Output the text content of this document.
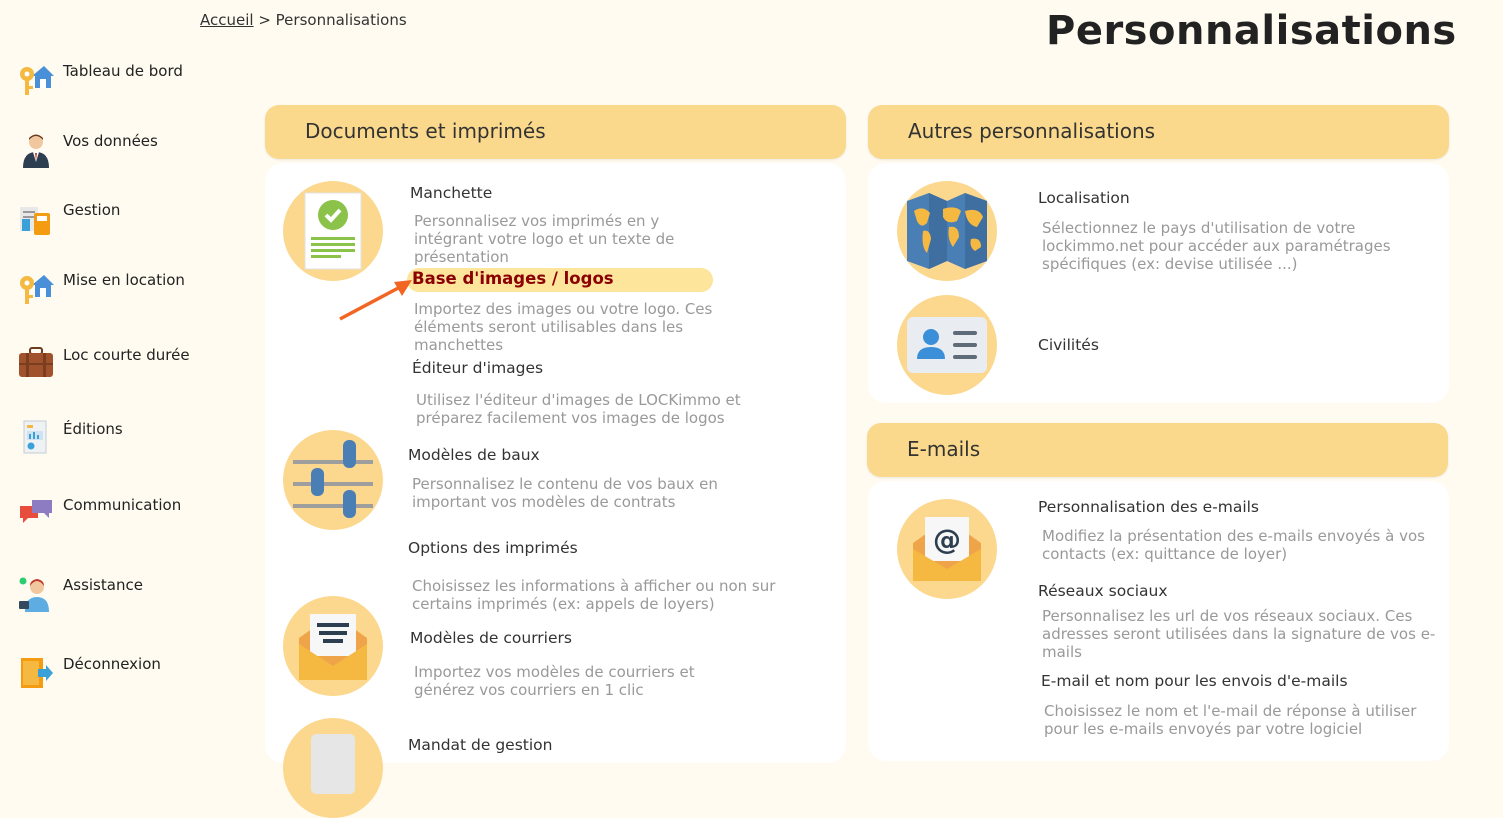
Accueil > Personnalisations	Personnalisations
Tableau de bord
Vos données
Gestion
Mise en location
Loc courte durée
Éditions
Communication
Assistance
Déconnexion
Documents et imprimés
Manchette
Personnalisez vos imprimés en y intégrant votre logo et un texte de présentation
Base d'images / logos
Importez des images ou votre logo. Ces éléments seront utilisables dans les manchettes
Éditeur d'images
Utilisez l'éditeur d'images de LOCKimmo et préparez facilement vos images de logos
Modèles de baux
Personnalisez le contenu de vos baux en important vos modèles de contrats
Options des imprimés
Choisissez les informations à afficher ou non sur certains imprimés (ex: appels de loyers)
Modèles de courriers
Importez vos modèles de courriers et générez vos courriers en 1 clic
Mandat de gestion
Autres personnalisations
Localisation
Sélectionnez le pays d'utilisation de votre lockimmo.net pour accéder aux paramétrages spécifiques (ex: devise utilisée ...)
Civilités
E-mails
@
Personnalisation des e-mails
Modifiez la présentation des e-mails envoyés à vos contacts (ex: quittance de loyer)
Réseaux sociaux
Personnalisez les url de vos réseaux sociaux. Ces adresses seront utilisées dans la signature de vos e-mails
E-mail et nom pour les envois d'e-mails
Choisissez le nom et l'e-mail de réponse à utiliser pour les e-mails envoyés par votre logiciel
